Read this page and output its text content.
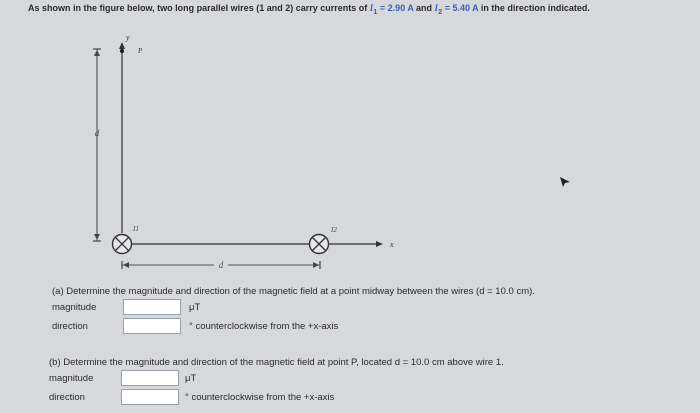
As shown in the figure below, two long parallel wires (1 and 2) carry currents of $I_1 = 2.90$ A and $I_2 = 5.40$ A in the direction indicated.
d
y
P
x
I1	I2
d
(a) Determine the magnitude and direction of the magnetic field at a point midway between the wires (d = 10.0 cm).
magnitude	μT
direction	° counterclockwise from the +x-axis
(b) Determine the magnitude and direction of the magnetic field at point P, located d = 10.0 cm above wire 1.
magnitude	μT
direction	° counterclockwise from the +x-axis
